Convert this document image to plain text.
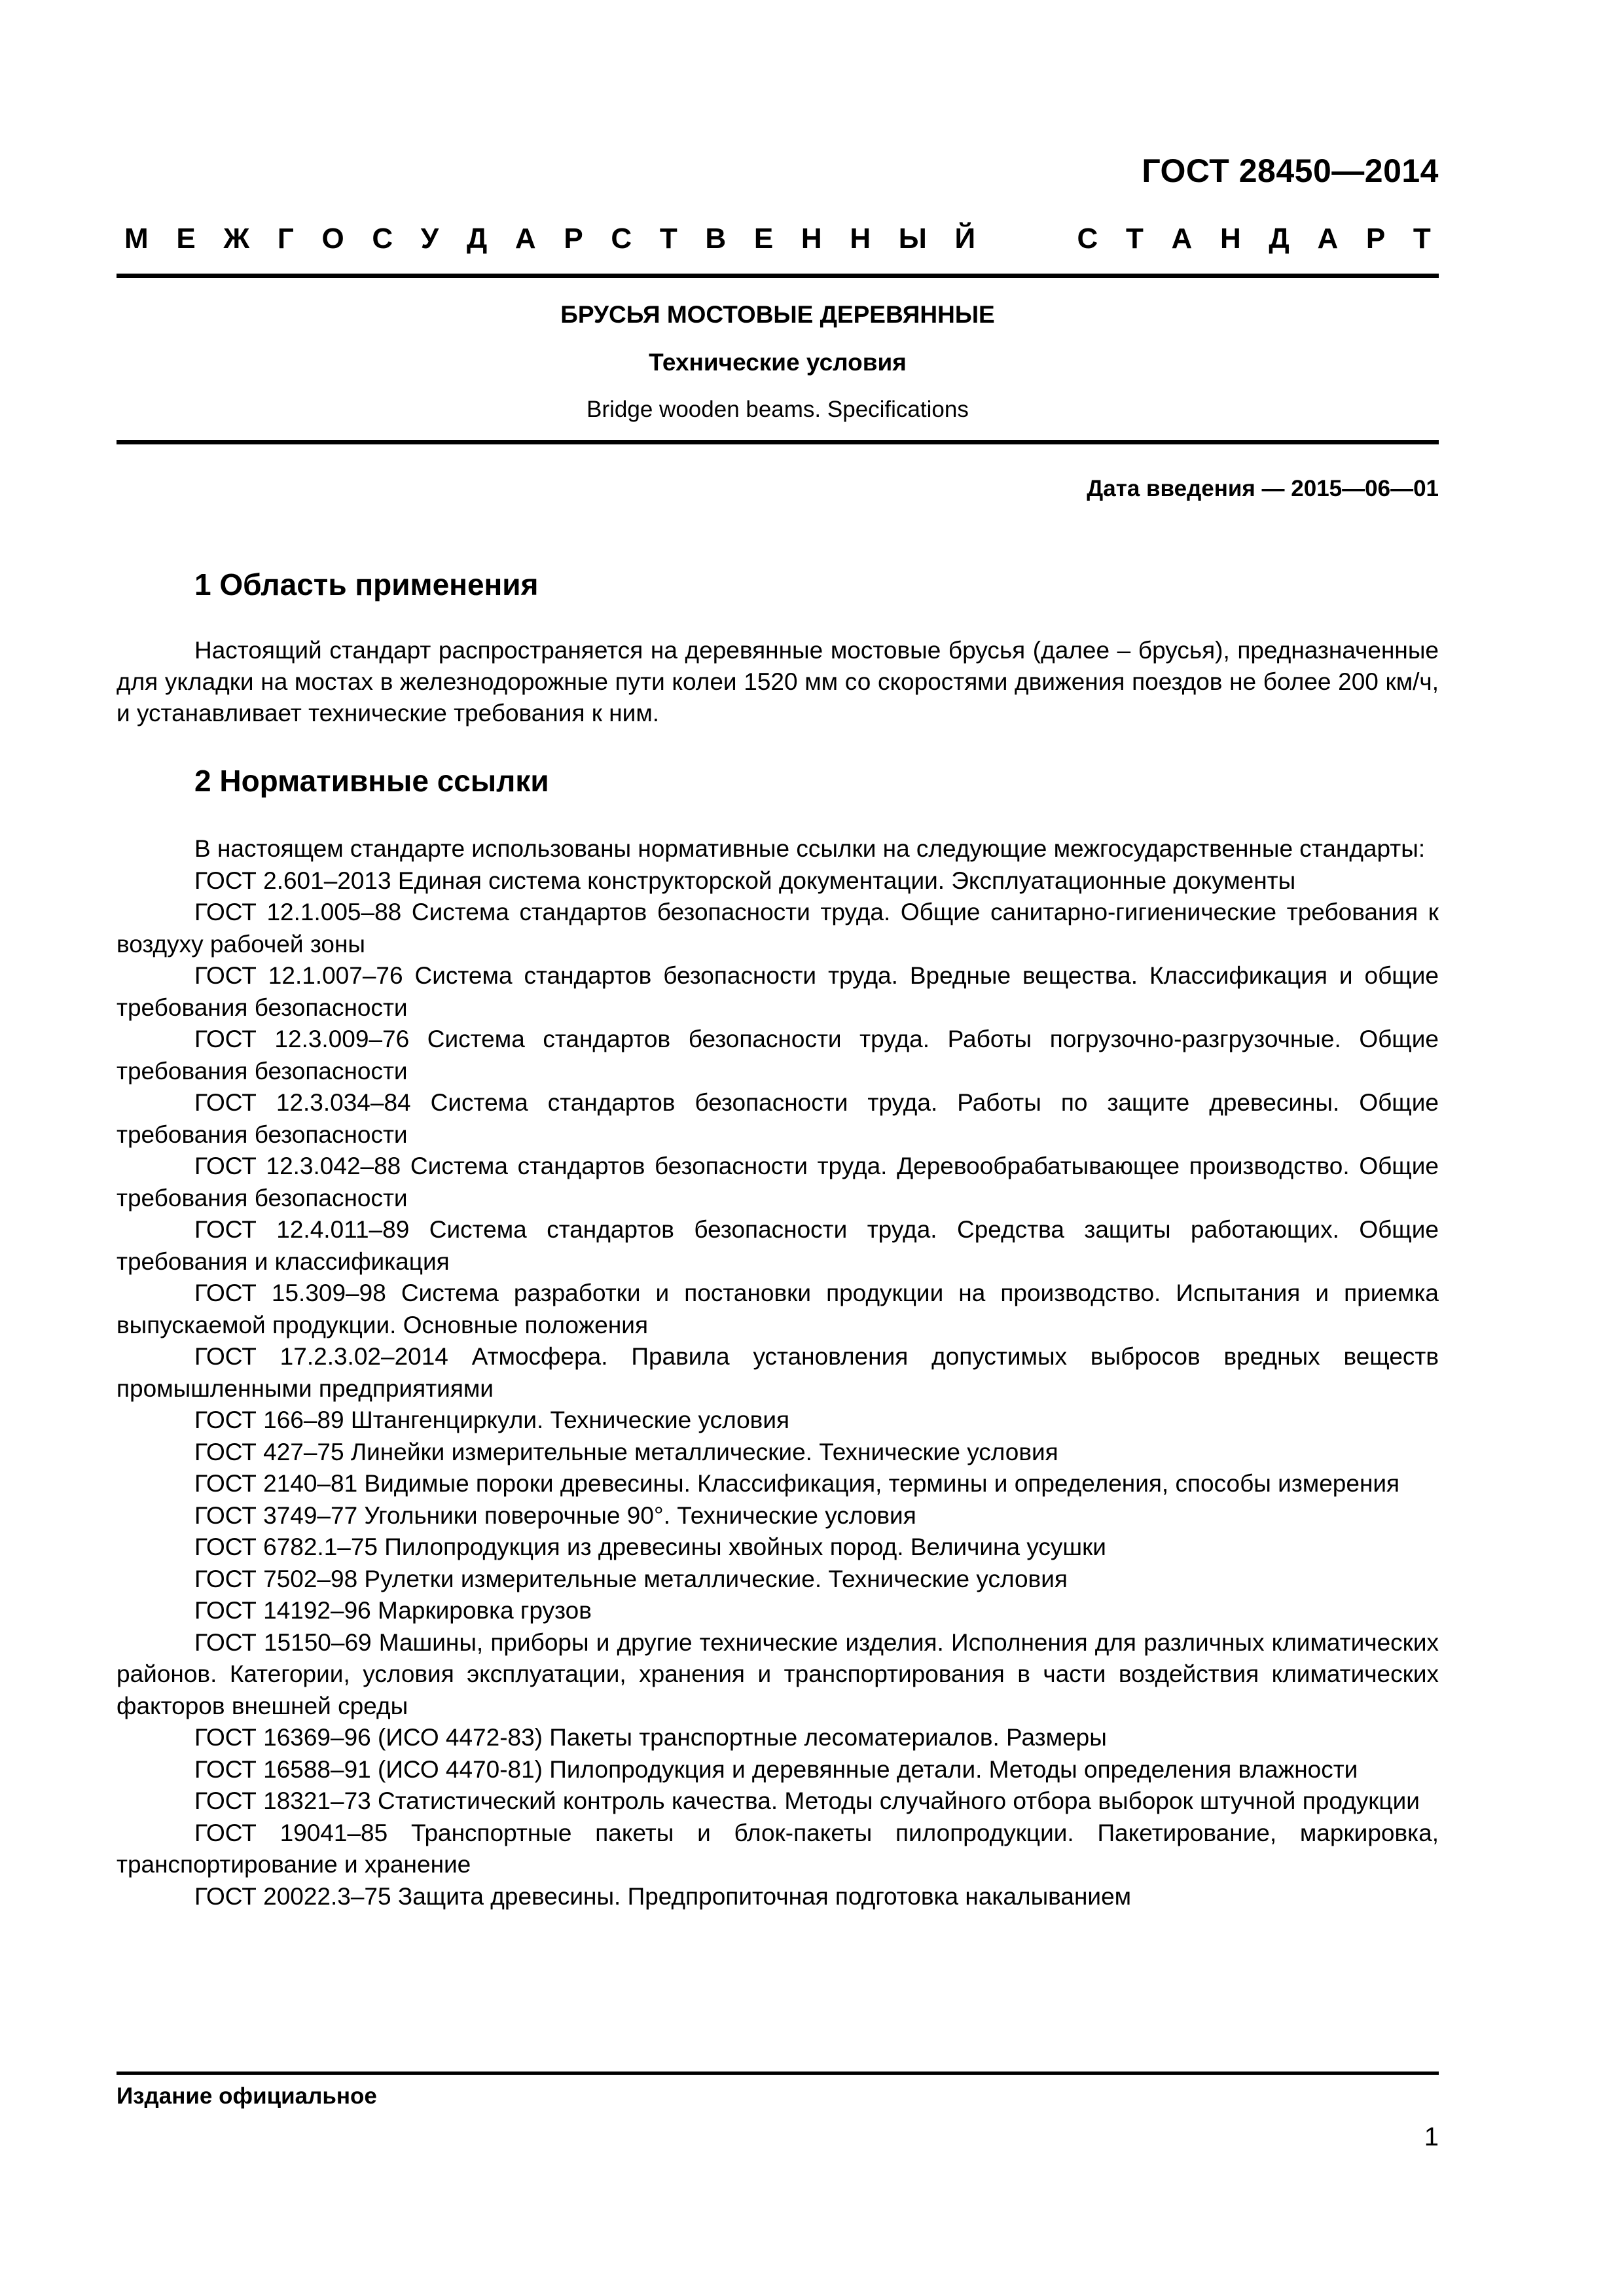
ГОСТ 28450—2014
М Е Ж Г О С У Д А Р С Т В Е Н Н Ы Й	С Т А Н Д А Р Т
БРУСЬЯ МОСТОВЫЕ ДЕРЕВЯННЫЕ
Технические условия
Bridge wooden beams. Specifications
Дата введения — 2015—06—01
1 Область применения
Настоящий стандарт распространяется на деревянные мостовые брусья (далее – брусья), предназначенные для укладки на мостах в железнодорожные пути колеи 1520 мм со скоростями движения поездов не более 200 км/ч, и устанавливает технические требования к ним.
2 Нормативные ссылки

В настоящем стандарте использованы нормативные ссылки на следующие межгосударственные стандарты:

ГОСТ 2.601‒2013 Единая система конструкторской документации. Эксплуатационные документы

ГОСТ 12.1.005–88 Система стандартов безопасности труда. Общие санитарно-гигиенические требования к воздуху рабочей зоны

ГОСТ 12.1.007–76 Система стандартов безопасности труда. Вредные вещества. Классификация и общие требования безопасности

ГОСТ 12.3.009–76 Система стандартов безопасности труда. Работы погрузочно-разгрузочные. Общие требования безопасности

ГОСТ 12.3.034–84 Система стандартов безопасности труда. Работы по защите древесины. Общие требования безопасности

ГОСТ 12.3.042–88 Система стандартов безопасности труда. Деревообрабатывающее производство. Общие требования безопасности

ГОСТ 12.4.011–89 Система стандартов безопасности труда. Средства защиты работающих. Общие требования и классификация

ГОСТ 15.309–98 Система разработки и постановки продукции на производство. Испытания и приемка выпускаемой продукции. Основные положения

ГОСТ 17.2.3.02–2014 Атмосфера. Правила установления допустимых выбросов вредных веществ промышленными предприятиями

ГОСТ 166–89 Штангенциркули. Технические условия

ГОСТ 427–75 Линейки измерительные металлические. Технические условия

ГОСТ 2140–81 Видимые пороки древесины. Классификация, термины и определения, способы измерения

ГОСТ 3749–77 Угольники поверочные 90°. Технические условия

ГОСТ 6782.1–75 Пилопродукция из древесины хвойных пород. Величина усушки

ГОСТ 7502–98 Рулетки измерительные металлические. Технические условия

ГОСТ 14192–96 Маркировка грузов

ГОСТ 15150–69 Машины, приборы и другие технические изделия. Исполнения для различных климатических районов. Категории, условия эксплуатации, хранения и транспортирования в части воздействия климатических факторов внешней среды

ГОСТ 16369–96 (ИСО 4472-83) Пакеты транспортные лесоматериалов. Размеры

ГОСТ 16588–91 (ИСО 4470-81) Пилопродукция и деревянные детали. Методы определения влажности

ГОСТ 18321–73 Статистический контроль качества. Методы случайного отбора выборок штучной продукции

ГОСТ 19041–85 Транспортные пакеты и блок-пакеты пилопродукции. Пакетирование, маркировка, транспортирование и хранение

ГОСТ 20022.3–75 Защита древесины. Предпропиточная подготовка накалыванием

Издание официальное
1
